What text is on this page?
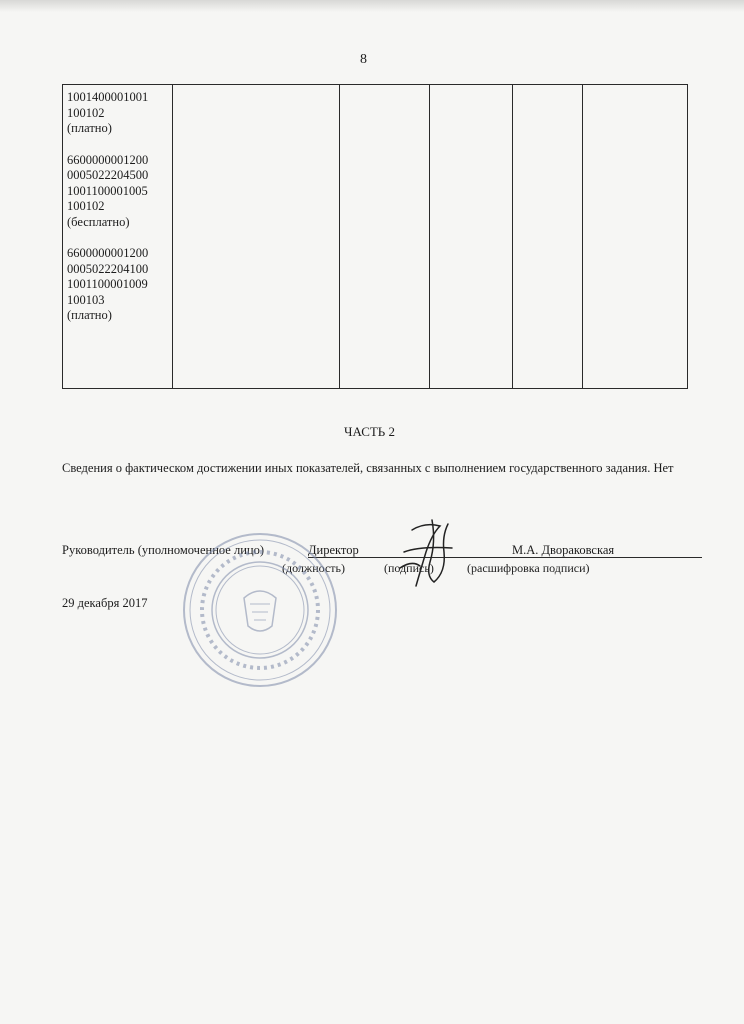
8
1001400001001
100102
(платно)
6600000001200
0005022204500
1001100001005
100102
(бесплатно)
6600000001200
0005022204100
1001100001009
100103
(платно)

ЧАСТЬ 2
Сведения о фактическом достижении иных показателей, связанных с выполнением государственного задания. Нет
Руководитель (уполномоченное лицо)	Директор	М.А. Двораковская
(должность)	(подпись)	(расшифровка подписи)
29 декабря 2017
